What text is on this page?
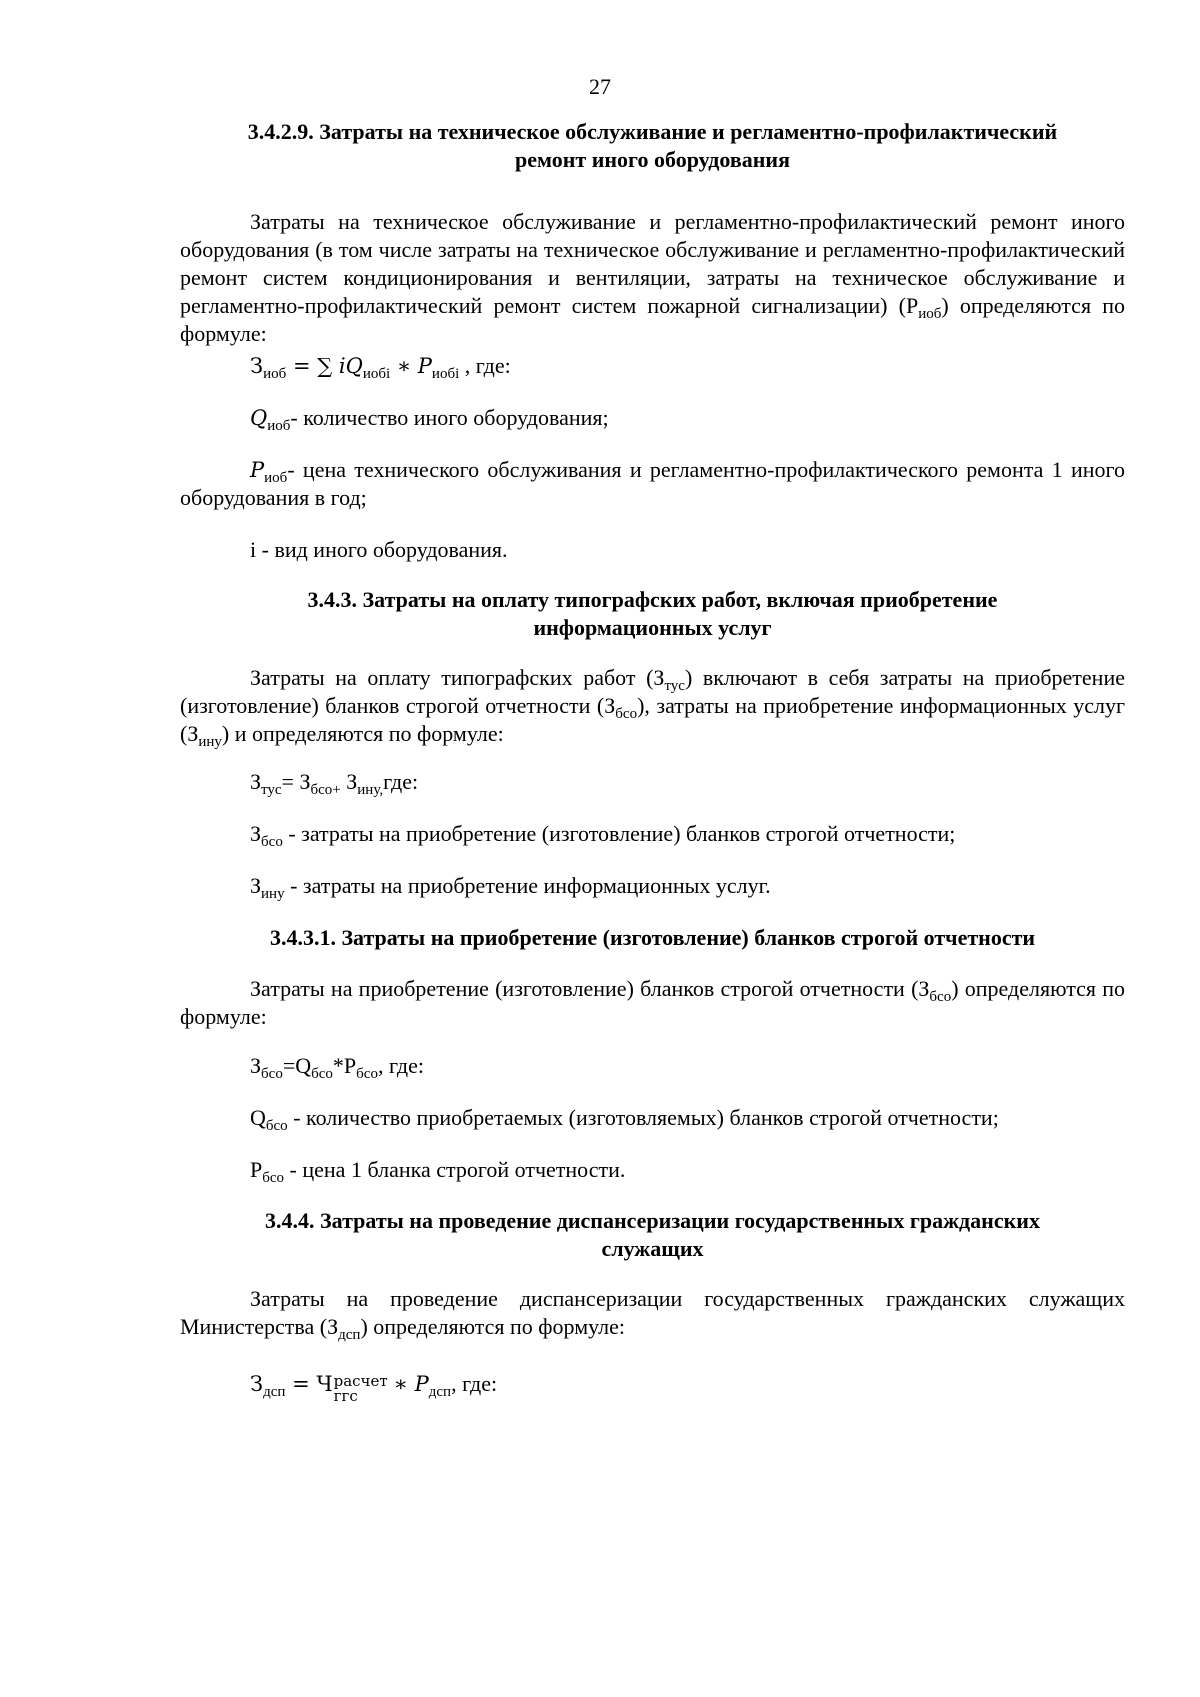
27
3.4.2.9. Затраты на техническое обслуживание и регламентно-профилактический
ремонт иного оборудования
Затраты на техническое обслуживание и регламентно-профилактический ремонт иного оборудования (в том числе затраты на техническое обслуживание и регламентно-профилактический ремонт систем кондиционирования и вентиляции, затраты на техническое обслуживание и регламентно-профилактический ремонт систем пожарной сигнализации) $(Р_{иоб})$ определяются по формуле:
$З_{иоб}$ = ∑ $iQ_{иобi}$ ∗ $P_{иобi}$ , где:
$Q_{иоб}-$ количество иного оборудования;
$P_{иоб}-$ цена технического обслуживания и регламентно-профилактического ремонта 1 иного оборудования в год;
i - вид иного оборудования.
3.4.3. Затраты на оплату типографских работ, включая приобретение
информационных услуг
Затраты на оплату типографских работ $(З_{тус})$ включают в себя затраты на приобретение (изготовление) бланков строгой отчетности $(З_{бсо})$, затраты на приобретение информационных услуг $(З_{ину})$ и определяются по формуле:
$З_{тус}= З_{бсо+}$ $З_{ину,}где$:
$З_{бсо}$ - затраты на приобретение (изготовление) бланков строгой отчетности;
$З_{ину}$ - затраты на приобретение информационных услуг.
3.4.3.1. Затраты на приобретение (изготовление) бланков строгой отчетности
Затраты на приобретение (изготовление) бланков строгой отчетности $(З_{бсо})$ определяются по формуле:
$З_{бсо}=Q_{бсо}*Р_{бсо}$, где:
$Q_{бсо}$ - количество приобретаемых (изготовляемых) бланков строгой отчетности;
$Р_{бсо}$ - цена 1 бланка строгой отчетности.
3.4.4. Затраты на проведение диспансеризации государственных гражданских
служащих
Затраты на проведение диспансеризации государственных гражданских служащих Министерства $(З_{дсп})$ определяются по формуле:
$З_{дсп} = Ч$ расчет
ггс	∗ $P_{дсп}$, где:
